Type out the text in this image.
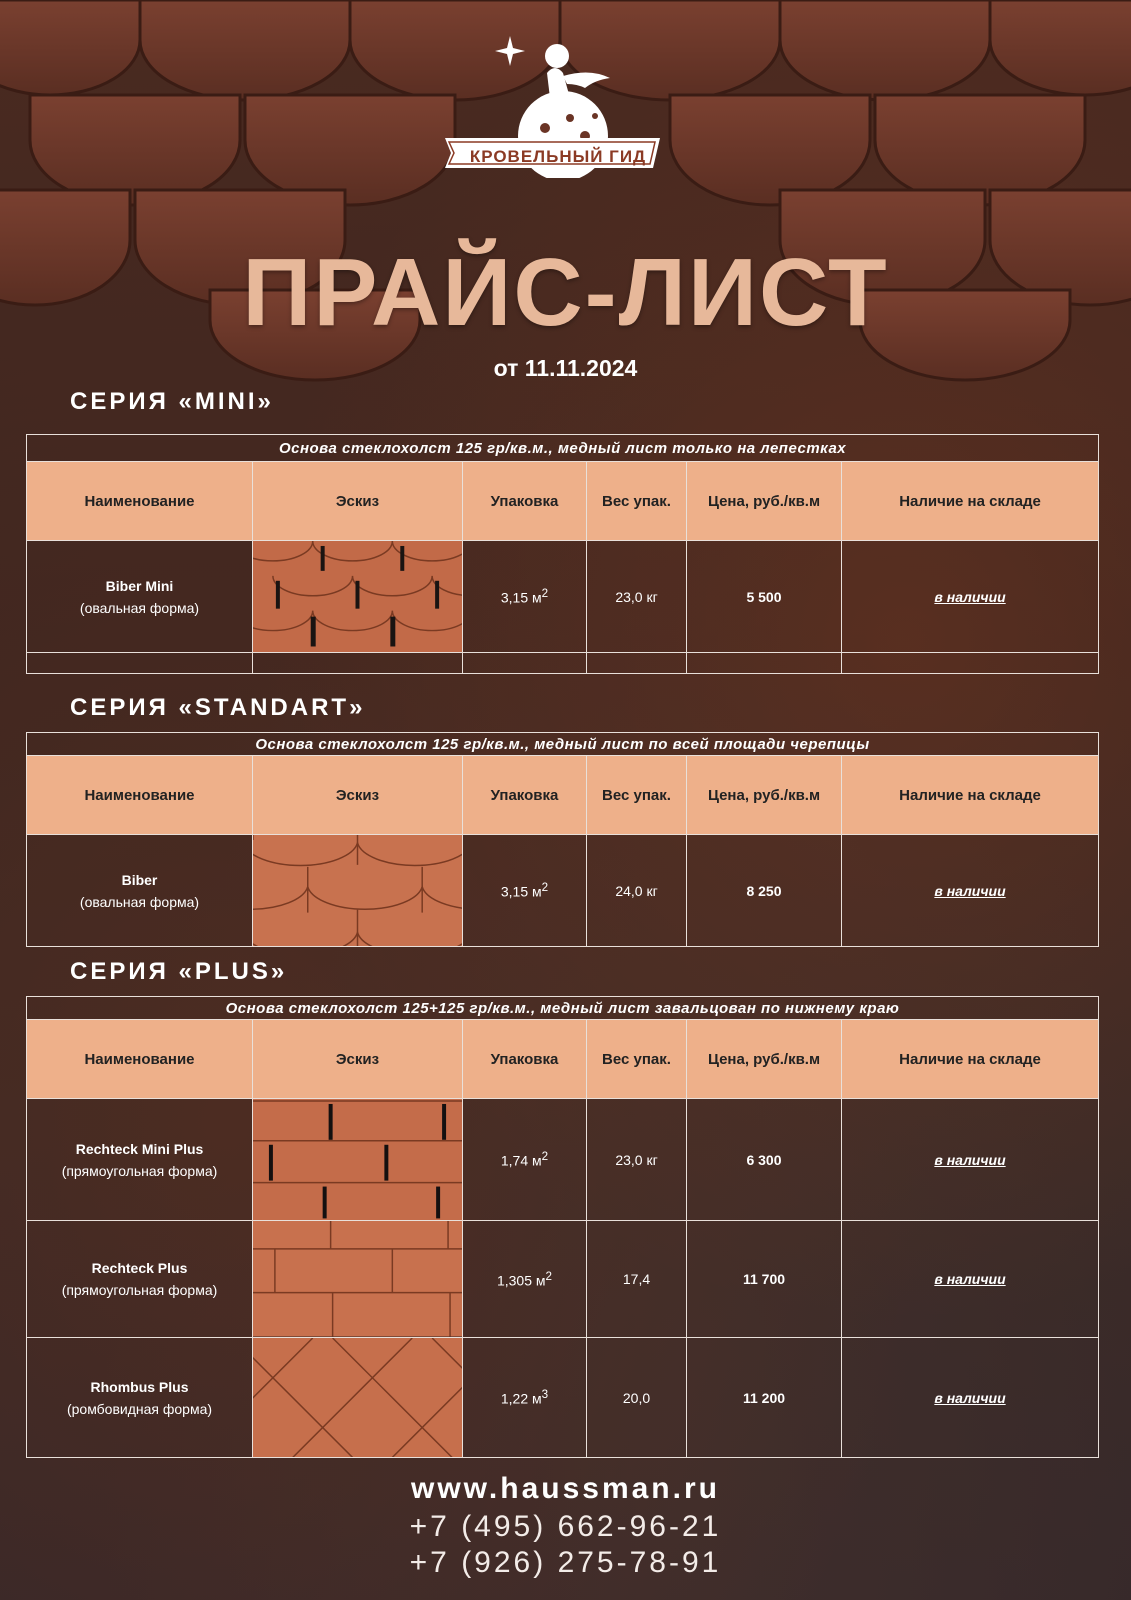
КРОВЕЛЬНЫЙ ГИД
ПРАЙС-ЛИСТ
от 11.11.2024
СЕРИЯ «MINI»
Основа стеклохолст 125 гр/кв.м., медный лист только на лепестках					
Наименование	Эскиз	Упаковка	Вес упак.	Цена, руб./кв.м	Наличие на складе
Biber Mini
(овальная форма)		3,15 $м^2$	23,0 кг	5 500	в наличии

СЕРИЯ «STANDART»
Основа стеклохолст 125 гр/кв.м., медный лист по всей площади черепицы					
Наименование	Эскиз	Упаковка	Вес упак.	Цена, руб./кв.м	Наличие на складе
Biber
(овальная форма)		3,15 $м^2$	24,0 кг	8 250	в наличии
СЕРИЯ «PLUS»
Основа стеклохолст 125+125 гр/кв.м., медный лист завальцован по нижнему краю					
Наименование	Эскиз	Упаковка	Вес упак.	Цена, руб./кв.м	Наличие на складе
Rechteck Mini Plus
(прямоугольная форма)		1,74 $м^2$	23,0 кг	6 300	в наличии
Rechteck Plus
(прямоугольная форма)		1,305 $м^2$	17,4	11 700	в наличии
Rhombus Plus
(ромбовидная форма)		1,22 $м^3$	20,0	11 200	в наличии
www.haussman.ru
+7 (495) 662-96-21
+7 (926) 275-78-91
